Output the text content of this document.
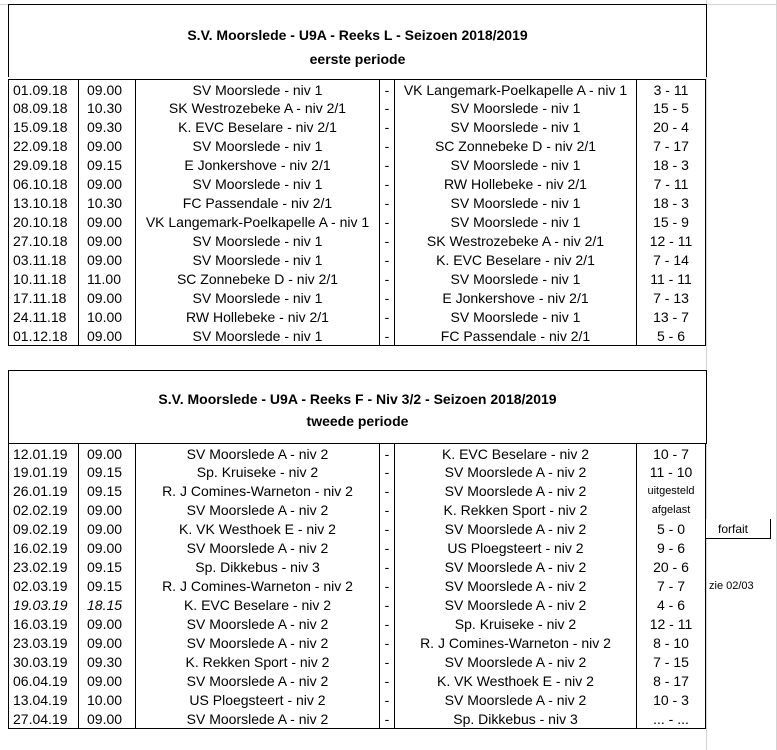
S.V. Moorslede - U9A - Reeks L - Seizoen 2018/2019
eerste periode
01.09.18	09.00	SV Moorslede - niv 1	-	VK Langemark-Poelkapelle A - niv 1	3 - 11
08.09.18	10.30	SK Westrozebeke A - niv 2/1	-	SV Moorslede - niv 1	15 - 5
15.09.18	09.30	K. EVC Beselare - niv 2/1	-	SV Moorslede - niv 1	20 - 4
22.09.18	09.00	SV Moorslede - niv 1	-	SC Zonnebeke D - niv 2/1	7 - 17
29.09.18	09.15	E Jonkershove - niv 2/1	-	SV Moorslede - niv 1	18 - 3
06.10.18	09.00	SV Moorslede - niv 1	-	RW Hollebeke - niv 2/1	7 - 11
13.10.18	10.30	FC Passendale - niv 2/1	-	SV Moorslede - niv 1	18 - 3
20.10.18	09.00	VK Langemark-Poelkapelle A - niv 1	-	SV Moorslede - niv 1	15 - 9
27.10.18	09.00	SV Moorslede - niv 1	-	SK Westrozebeke A - niv 2/1	12 - 11
03.11.18	09.00	SV Moorslede - niv 1	-	K. EVC Beselare - niv 2/1	7 - 14
10.11.18	11.00	SC Zonnebeke D - niv 2/1	-	SV Moorslede - niv 1	11 - 11
17.11.18	09.00	SV Moorslede - niv 1	-	E Jonkershove - niv 2/1	7 - 13
24.11.18	10.00	RW Hollebeke - niv 2/1	-	SV Moorslede - niv 1	13 - 7
01.12.18	09.00	SV Moorslede - niv 1	-	FC Passendale - niv 2/1	5 - 6
S.V. Moorslede - U9A - Reeks F - Niv 3/2 - Seizoen 2018/2019
tweede periode
12.01.19	09.00	SV Moorslede A - niv 2	-	K. EVC Beselare - niv 2	10 - 7
19.01.19	09.15	Sp. Kruiseke - niv 2	-	SV Moorslede A - niv 2	11 - 10
26.01.19	09.15	R. J Comines-Warneton - niv 2	-	SV Moorslede A - niv 2	uitgesteld
02.02.19	09.00	SV Moorslede A - niv 2	-	K. Rekken Sport - niv 2	afgelast
09.02.19	09.00	K. VK Westhoek E - niv 2	-	SV Moorslede A - niv 2	5 - 0	forfait
16.02.19	09.00	SV Moorslede A - niv 2	-	US Ploegsteert - niv 2	9 - 6
23.02.19	09.15	Sp. Dikkebus - niv 3	-	SV Moorslede A - niv 2	20 - 6
02.03.19	09.15	R. J Comines-Warneton - niv 2	-	SV Moorslede A - niv 2	7 - 7	zie 02/03
19.03.19	18.15	K. EVC Beselare - niv 2	-	SV Moorslede A - niv 2	4 - 6
16.03.19	09.00	SV Moorslede A - niv 2	-	Sp. Kruiseke - niv 2	12 - 11
23.03.19	09.00	SV Moorslede A - niv 2	-	R. J Comines-Warneton - niv 2	8 - 10
30.03.19	09.30	K. Rekken Sport - niv 2	-	SV Moorslede A - niv 2	7 - 15
06.04.19	09.00	SV Moorslede A - niv 2	-	K. VK Westhoek E - niv 2	8 - 17
13.04.19	10.00	US Ploegsteert - niv 2	-	SV Moorslede A - niv 2	10 - 3
27.04.19	09.00	SV Moorslede A - niv 2	-	Sp. Dikkebus - niv 3	... - ...
